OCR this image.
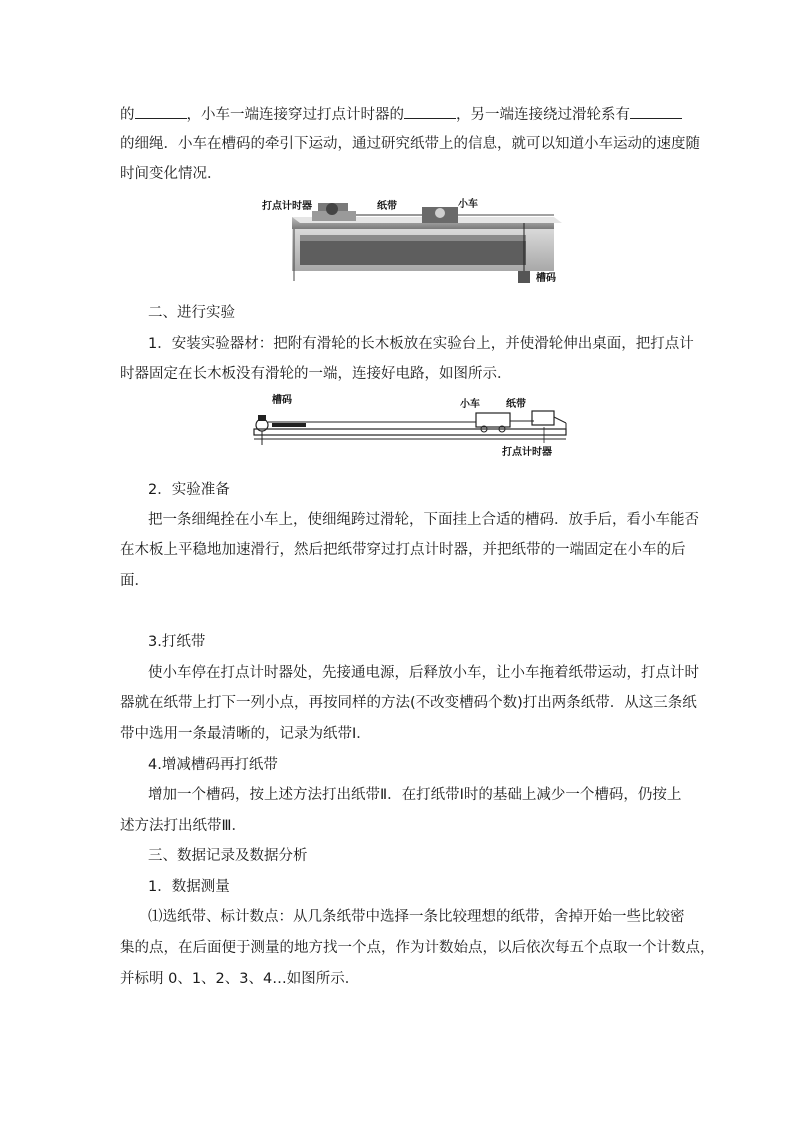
的	，小车一端连接穿过打点计时器的	，另一端连接绕过滑轮系有
的细绳．小车在槽码的牵引下运动，通过研究纸带上的信息，就可以知道小车运动的速度随
时间变化情况．
打点计时器	纸带	小车
槽码
二、进行实验
1．安装实验器材：把附有滑轮的长木板放在实验台上，并使滑轮伸出桌面，把打点计
时器固定在长木板没有滑轮的一端，连接好电路，如图所示．
槽码	小车	纸带
打点计时器
2．实验准备
把一条细绳拴在小车上，使细绳跨过滑轮，下面挂上合适的槽码．放手后，看小车能否
在木板上平稳地加速滑行，然后把纸带穿过打点计时器，并把纸带的一端固定在小车的后
面．
3.打纸带
使小车停在打点计时器处，先接通电源，后释放小车，让小车拖着纸带运动，打点计时
器就在纸带上打下一列小点，再按同样的方法(不改变槽码个数)打出两条纸带．从这三条纸
带中选用一条最清晰的，记录为纸带Ⅰ．
4.增减槽码再打纸带
增加一个槽码，按上述方法打出纸带Ⅱ．在打纸带Ⅰ时的基础上减少一个槽码，仍按上
述方法打出纸带Ⅲ．
三、数据记录及数据分析
1．数据测量
⑴选纸带、标计数点：从几条纸带中选择一条比较理想的纸带，舍掉开始一些比较密
集的点，在后面便于测量的地方找一个点，作为计数始点，以后依次每五个点取一个计数点，
并标明 0、1、2、3、4…如图所示．
